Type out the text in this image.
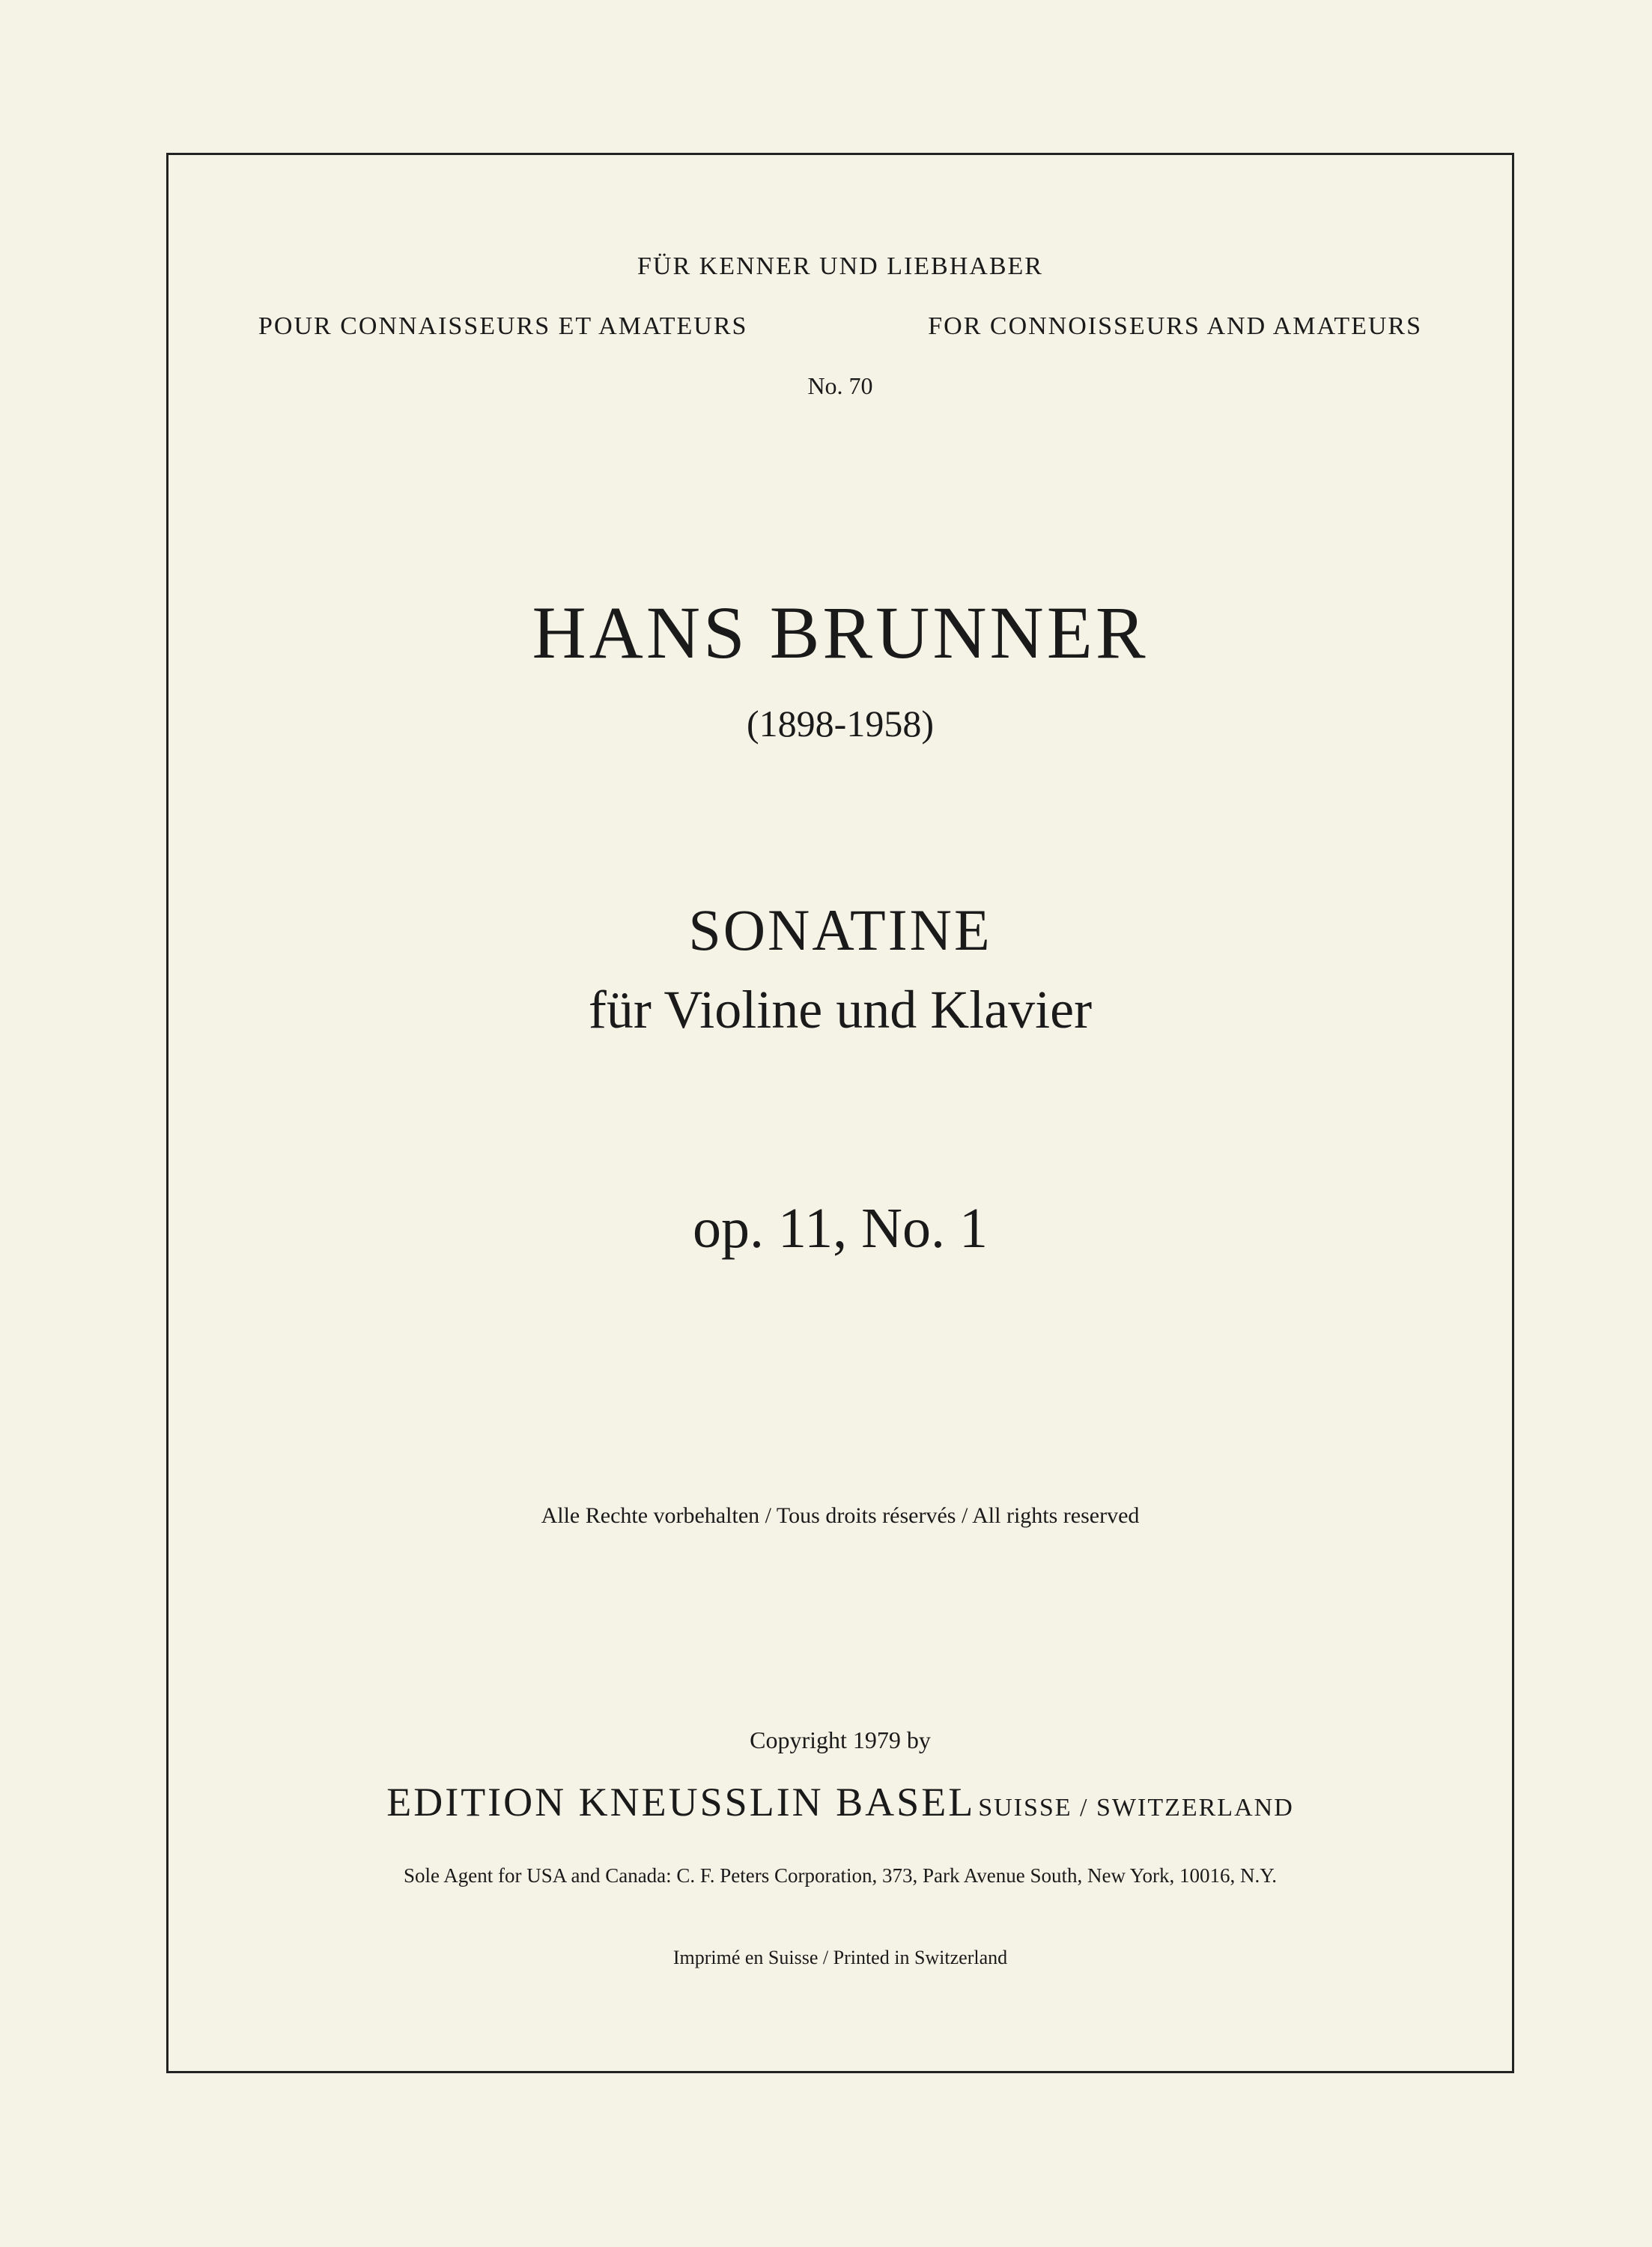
FÜR KENNER UND LIEBHABER
POUR CONNAISSEURS ET AMATEURS	FOR CONNOISSEURS AND AMATEURS
No. 70
HANS BRUNNER
(1898-1958)
SONATINE
für Violine und Klavier
op. 11, No. 1
Alle Rechte vorbehalten / Tous droits réservés / All rights reserved
Copyright 1979 by
EDITION KNEUSSLIN BASEL SUISSE / SWITZERLAND
Sole Agent for USA and Canada: C. F. Peters Corporation, 373, Park Avenue South, New York, 10016, N.Y.
Imprimé en Suisse / Printed in Switzerland
